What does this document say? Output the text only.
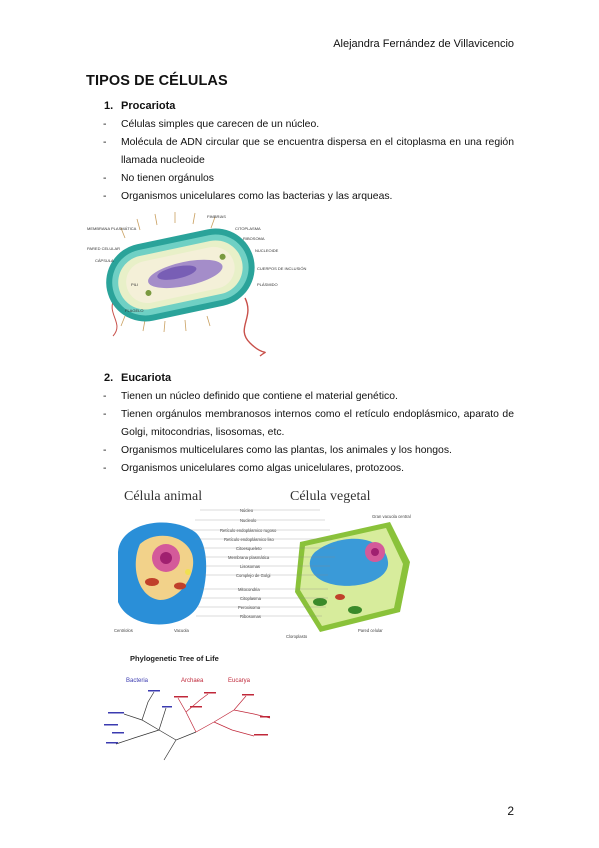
Alejandra Fernández de Villavicencio
TIPOS DE CÉLULAS
1. Procariota
- Células simples que carecen de un núcleo.
- Molécula de ADN circular que se encuentra dispersa en el citoplasma en una región llamada nucleoide
- No tienen orgánulos
- Organismos unicelulares como las bacterias y las arqueas.
FIMBRIAS
MEMBRANA PLASMÁTICA	CITOPLASMA
RIBOSOMA
PARED CELULAR	NUCLEOIDE
CÁPSULA
CUERPOS DE INCLUSIÓN
PLÁSMIDO
PILI
FLAGELO
2. Eucariota
- Tienen un núcleo definido que contiene el material genético.
- Tienen orgánulos membranosos internos como el retículo endoplásmico, aparato de Golgi, mitocondrias, lisosomas, etc.
- Organismos multicelulares como las plantas, los animales y los hongos.
- Organismos unicelulares como algas unicelulares, protozoos.
Célula animal	Célula vegetal
Núcleo
Nucleolo
Retículo endoplásmico rugoso
Retículo endoplásmico liso
Citoesqueleto
Membrana plasmática
Lisosomas
Complejo de Golgi
Mitocondria
Citoplasma
Peroxisoma
Ribosomas
Gran vacuola central
Centriolos	Vacuola
Cloroplasto
Pared celular
Phylogenetic Tree of Life
Bacteria	Archaea	Eucarya
2
